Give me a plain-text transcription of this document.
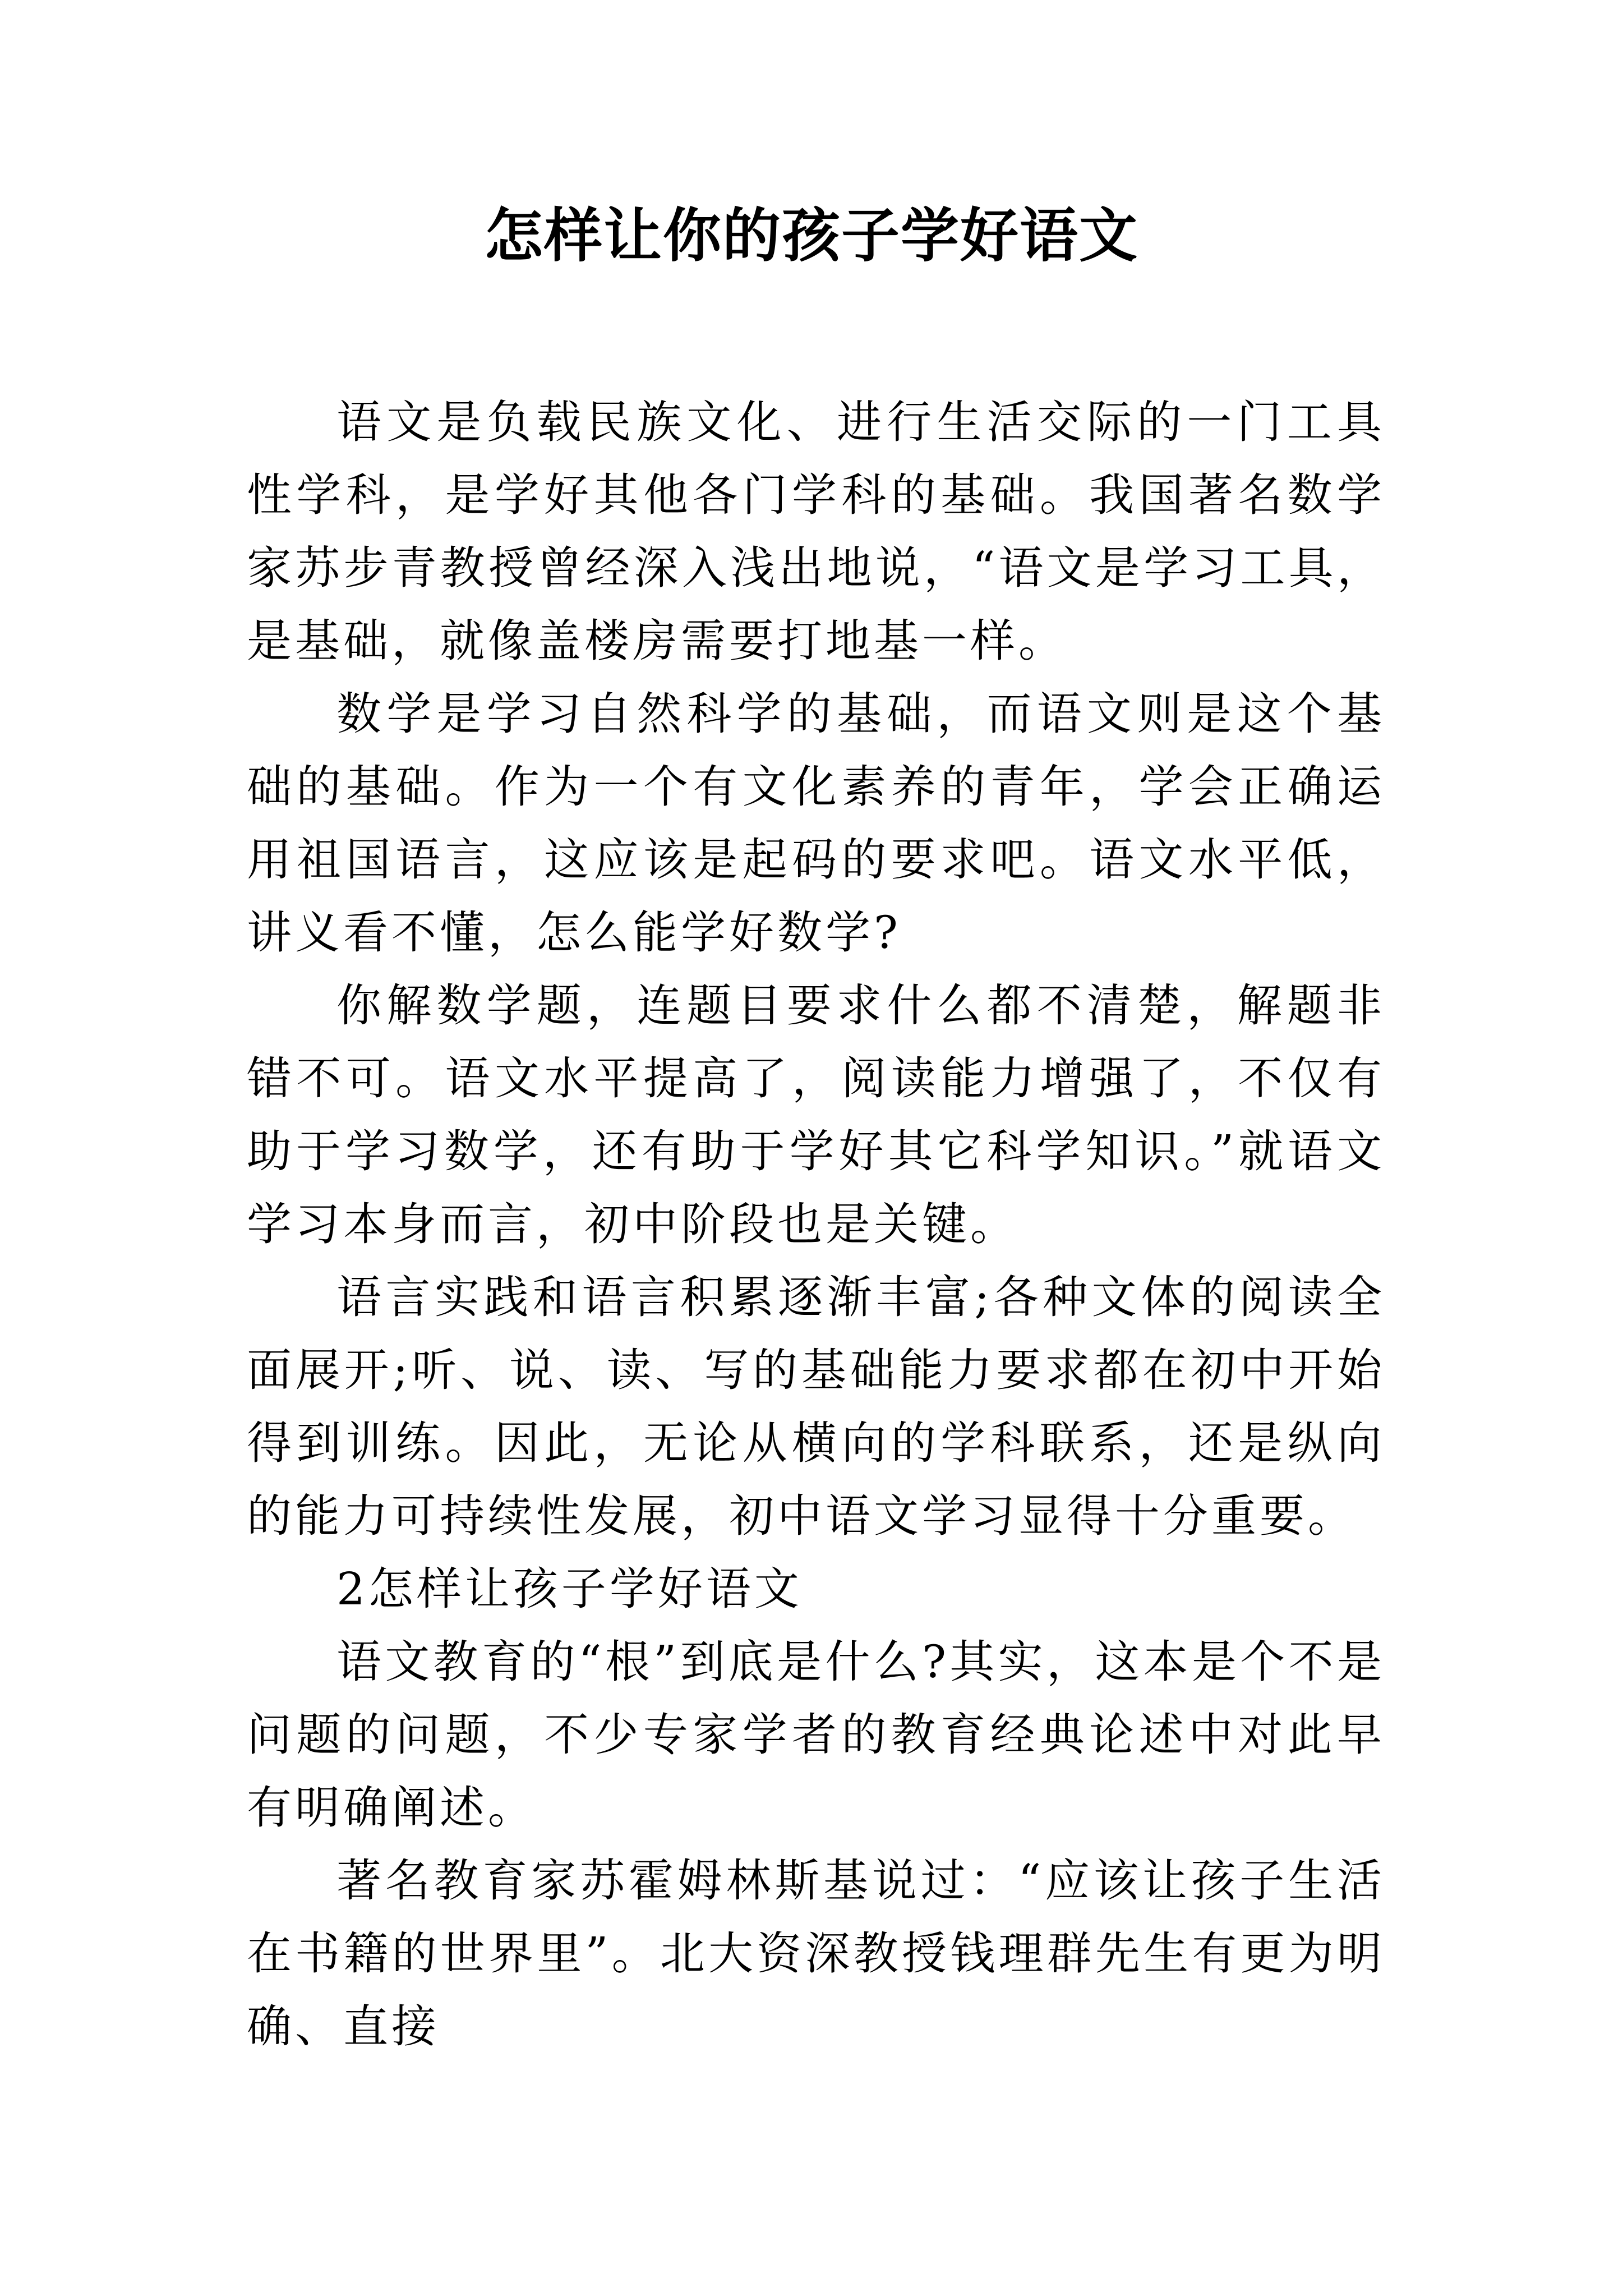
怎样让你的孩子学好语文

语文是负载民族文化、进行生活交际的一门工具性学科，是学好其他各门学科的基础。我国著名数学家苏步青教授曾经深入浅出地说，“语文是学习工具，是基础，就像盖楼房需要打地基一样。

数学是学习自然科学的基础，而语文则是这个基础的基础。作为一个有文化素养的青年，学会正确运用祖国语言，这应该是起码的要求吧。语文水平低，讲义看不懂，怎么能学好数学?

你解数学题，连题目要求什么都不清楚，解题非错不可。语文水平提高了，阅读能力增强了，不仅有助于学习数学，还有助于学好其它科学知识。”就语文学习本身而言，初中阶段也是关键。

语言实践和语言积累逐渐丰富;各种文体的阅读全面展开;听、说、读、写的基础能力要求都在初中开始得到训练。因此，无论从横向的学科联系，还是纵向的能力可持续性发展，初中语文学习显得十分重要。

2怎样让孩子学好语文

语文教育的“根”到底是什么?其实，这本是个不是问题的问题，不少专家学者的教育经典论述中对此早有明确阐述。

著名教育家苏霍姆林斯基说过：“应该让孩子生活在书籍的世界里”。北大资深教授钱理群先生有更为明确、直接
